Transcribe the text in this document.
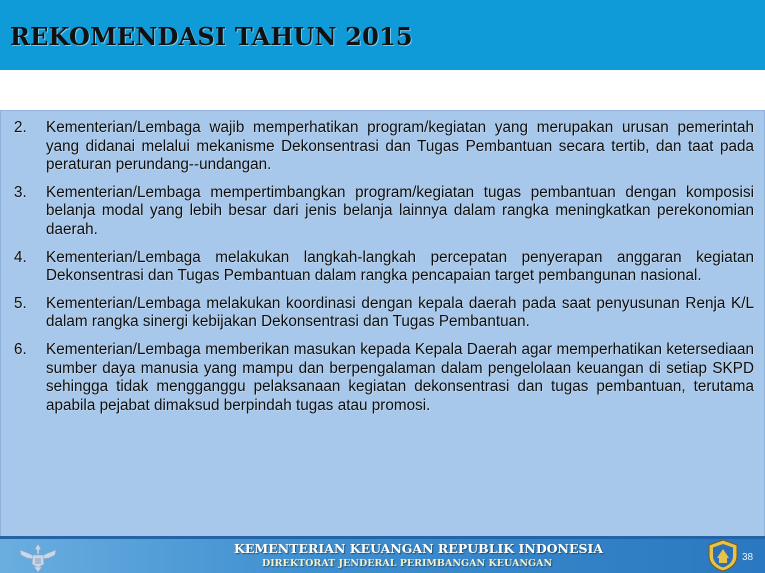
REKOMENDASI TAHUN 2015
2. Kementerian/Lembaga wajib memperhatikan program/kegiatan yang merupakan urusan pemerintah yang didanai melalui mekanisme Dekonsentrasi dan Tugas Pembantuan secara tertib, dan taat pada peraturan perundang-‐undangan.
3. Kementerian/Lembaga mempertimbangkan program/kegiatan tugas pembantuan dengan komposisi belanja modal yang lebih besar dari jenis belanja lainnya dalam rangka meningkatkan perekonomian daerah.
4. Kementerian/Lembaga melakukan langkah-langkah percepatan penyerapan anggaran kegiatan Dekonsentrasi dan Tugas Pembantuan dalam rangka pencapaian target pembangunan nasional.
5. Kementerian/Lembaga melakukan koordinasi dengan kepala daerah pada saat penyusunan Renja K/L dalam rangka sinergi kebijakan Dekonsentrasi dan Tugas Pembantuan.
6. Kementerian/Lembaga memberikan masukan kepada Kepala Daerah agar memperhatikan ketersediaan sumber daya manusia yang mampu dan berpengalaman dalam pengelolaan keuangan di setiap SKPD sehingga tidak mengganggu pelaksanaan kegiatan dekonsentrasi dan tugas pembantuan, terutama apabila pejabat dimaksud berpindah tugas atau promosi.
KEMENTERIAN KEUANGAN REPUBLIK INDONESIA
DIREKTORAT JENDERAL PERIMBANGAN KEUANGAN
38
